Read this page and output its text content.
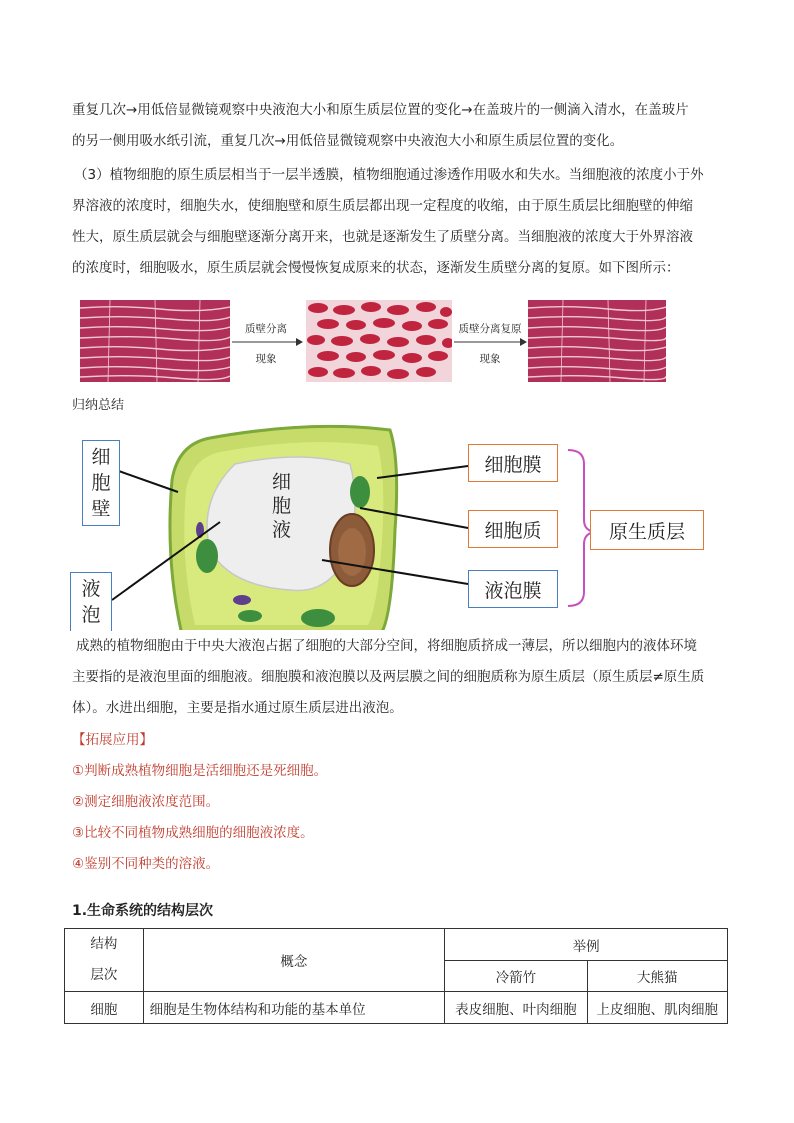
重复几次→用低倍显微镜观察中央液泡大小和原生质层位置的变化→在盖玻片的一侧滴入清水，在盖玻片
的另一侧用吸水纸引流，重复几次→用低倍显微镜观察中央液泡大小和原生质层位置的变化。
（3）植物细胞的原生质层相当于一层半透膜，植物细胞通过渗透作用吸水和失水。当细胞液的浓度小于外
界溶液的浓度时，细胞失水，使细胞壁和原生质层都出现一定程度的收缩，由于原生质层比细胞壁的伸缩
性大，原生质层就会与细胞壁逐渐分离开来，也就是逐渐发生了质壁分离。当细胞液的浓度大于外界溶液
的浓度时，细胞吸水，原生质层就会慢慢恢复成原来的状态，逐渐发生质壁分离的复原。如下图所示：
质壁分离
现象
质壁分离复原
现象
归纳总结
细
胞
液
细
胞
壁
液
泡
细胞膜
细胞质
液泡膜
原生质层
成熟的植物细胞由于中央大液泡占据了细胞的大部分空间，将细胞质挤成一薄层，所以细胞内的液体环境
主要指的是液泡里面的细胞液。细胞膜和液泡膜以及两层膜之间的细胞质称为原生质层（原生质层≠原生质
体）。水进出细胞，主要是指水通过原生质层进出液泡。
【拓展应用】
①判断成熟植物细胞是活细胞还是死细胞。
②测定细胞液浓度范围。
③比较不同植物成熟细胞的细胞液浓度。
④鉴别不同种类的溶液。
1.生命系统的结构层次
结构
层次	概念	举例	
		冷箭竹	大熊猫
细胞	细胞是生物体结构和功能的基本单位	表皮细胞、叶肉细胞	上皮细胞、肌肉细胞
